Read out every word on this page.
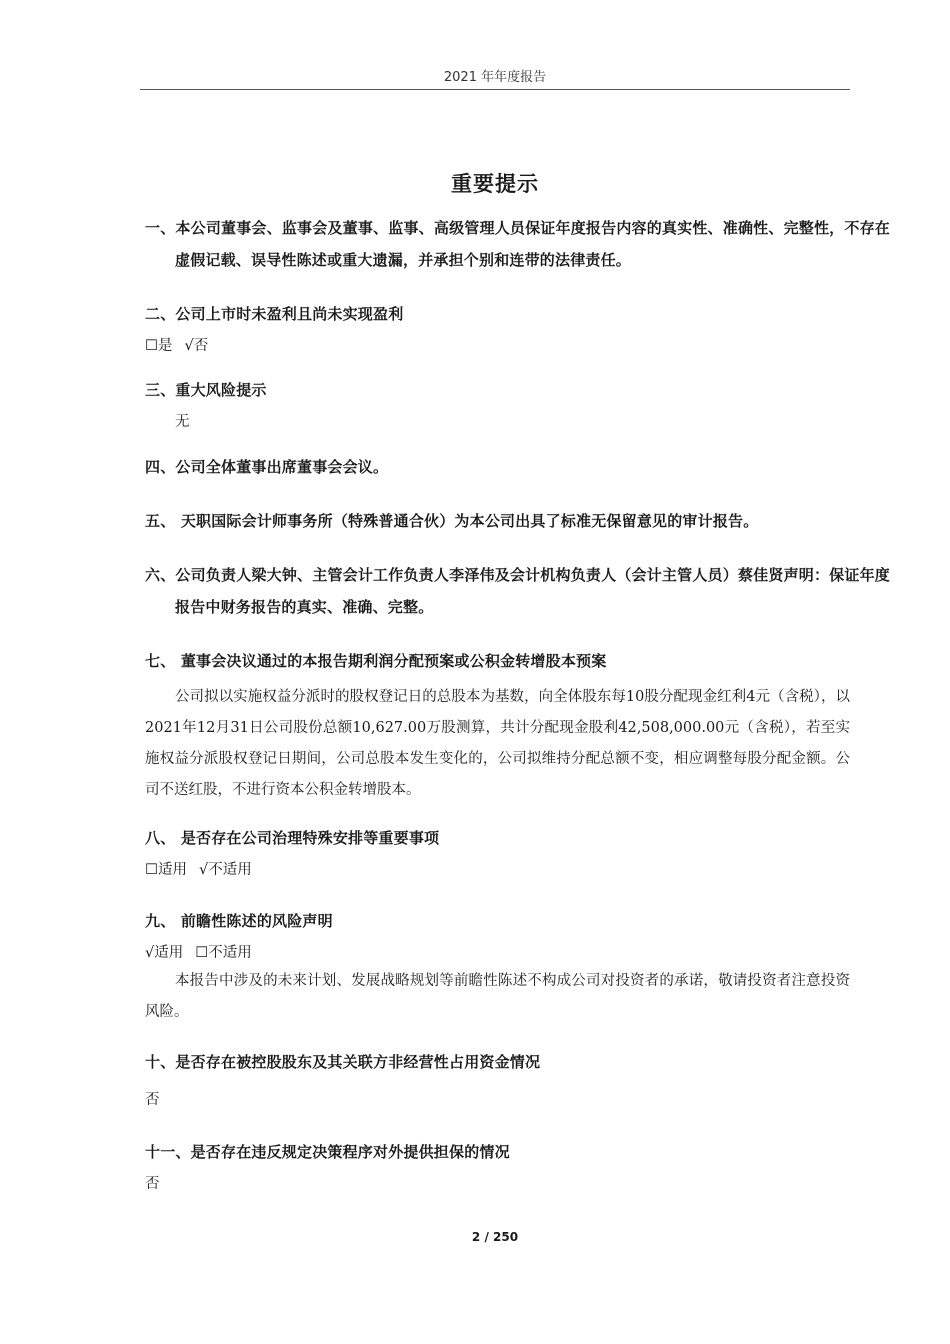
2021 年年度报告
重要提示
一、本公司董事会、监事会及董事、监事、高级管理人员保证年度报告内容的真实性、准确性、完整性，不存在虚假记载、误导性陈述或重大遗漏，并承担个别和连带的法律责任。
二、公司上市时未盈利且尚未实现盈利
☐是 √否
三、重大风险提示
无
四、公司全体董事出席董事会会议。
五、 天职国际会计师事务所（特殊普通合伙）为本公司出具了标准无保留意见的审计报告。
六、公司负责人梁大钟、主管会计工作负责人李泽伟及会计机构负责人（会计主管人员）蔡佳贤声明：保证年度报告中财务报告的真实、准确、完整。
七、 董事会决议通过的本报告期利润分配预案或公积金转增股本预案
公司拟以实施权益分派时的股权登记日的总股本为基数，向全体股东每10股分配现金红利4元（含税），以2021年12月31日公司股份总额10,627.00万股测算，共计分配现金股利42,508,000.00元（含税），若至实施权益分派股权登记日期间，公司总股本发生变化的，公司拟维持分配总额不变，相应调整每股分配金额。公司不送红股，不进行资本公积金转增股本。
八、 是否存在公司治理特殊安排等重要事项
☐适用 √不适用
九、 前瞻性陈述的风险声明
√适用 ☐不适用
本报告中涉及的未来计划、发展战略规划等前瞻性陈述不构成公司对投资者的承诺，敬请投资者注意投资风险。
十、是否存在被控股股东及其关联方非经营性占用资金情况
否
十一、是否存在违反规定决策程序对外提供担保的情况
否
2 / 250
